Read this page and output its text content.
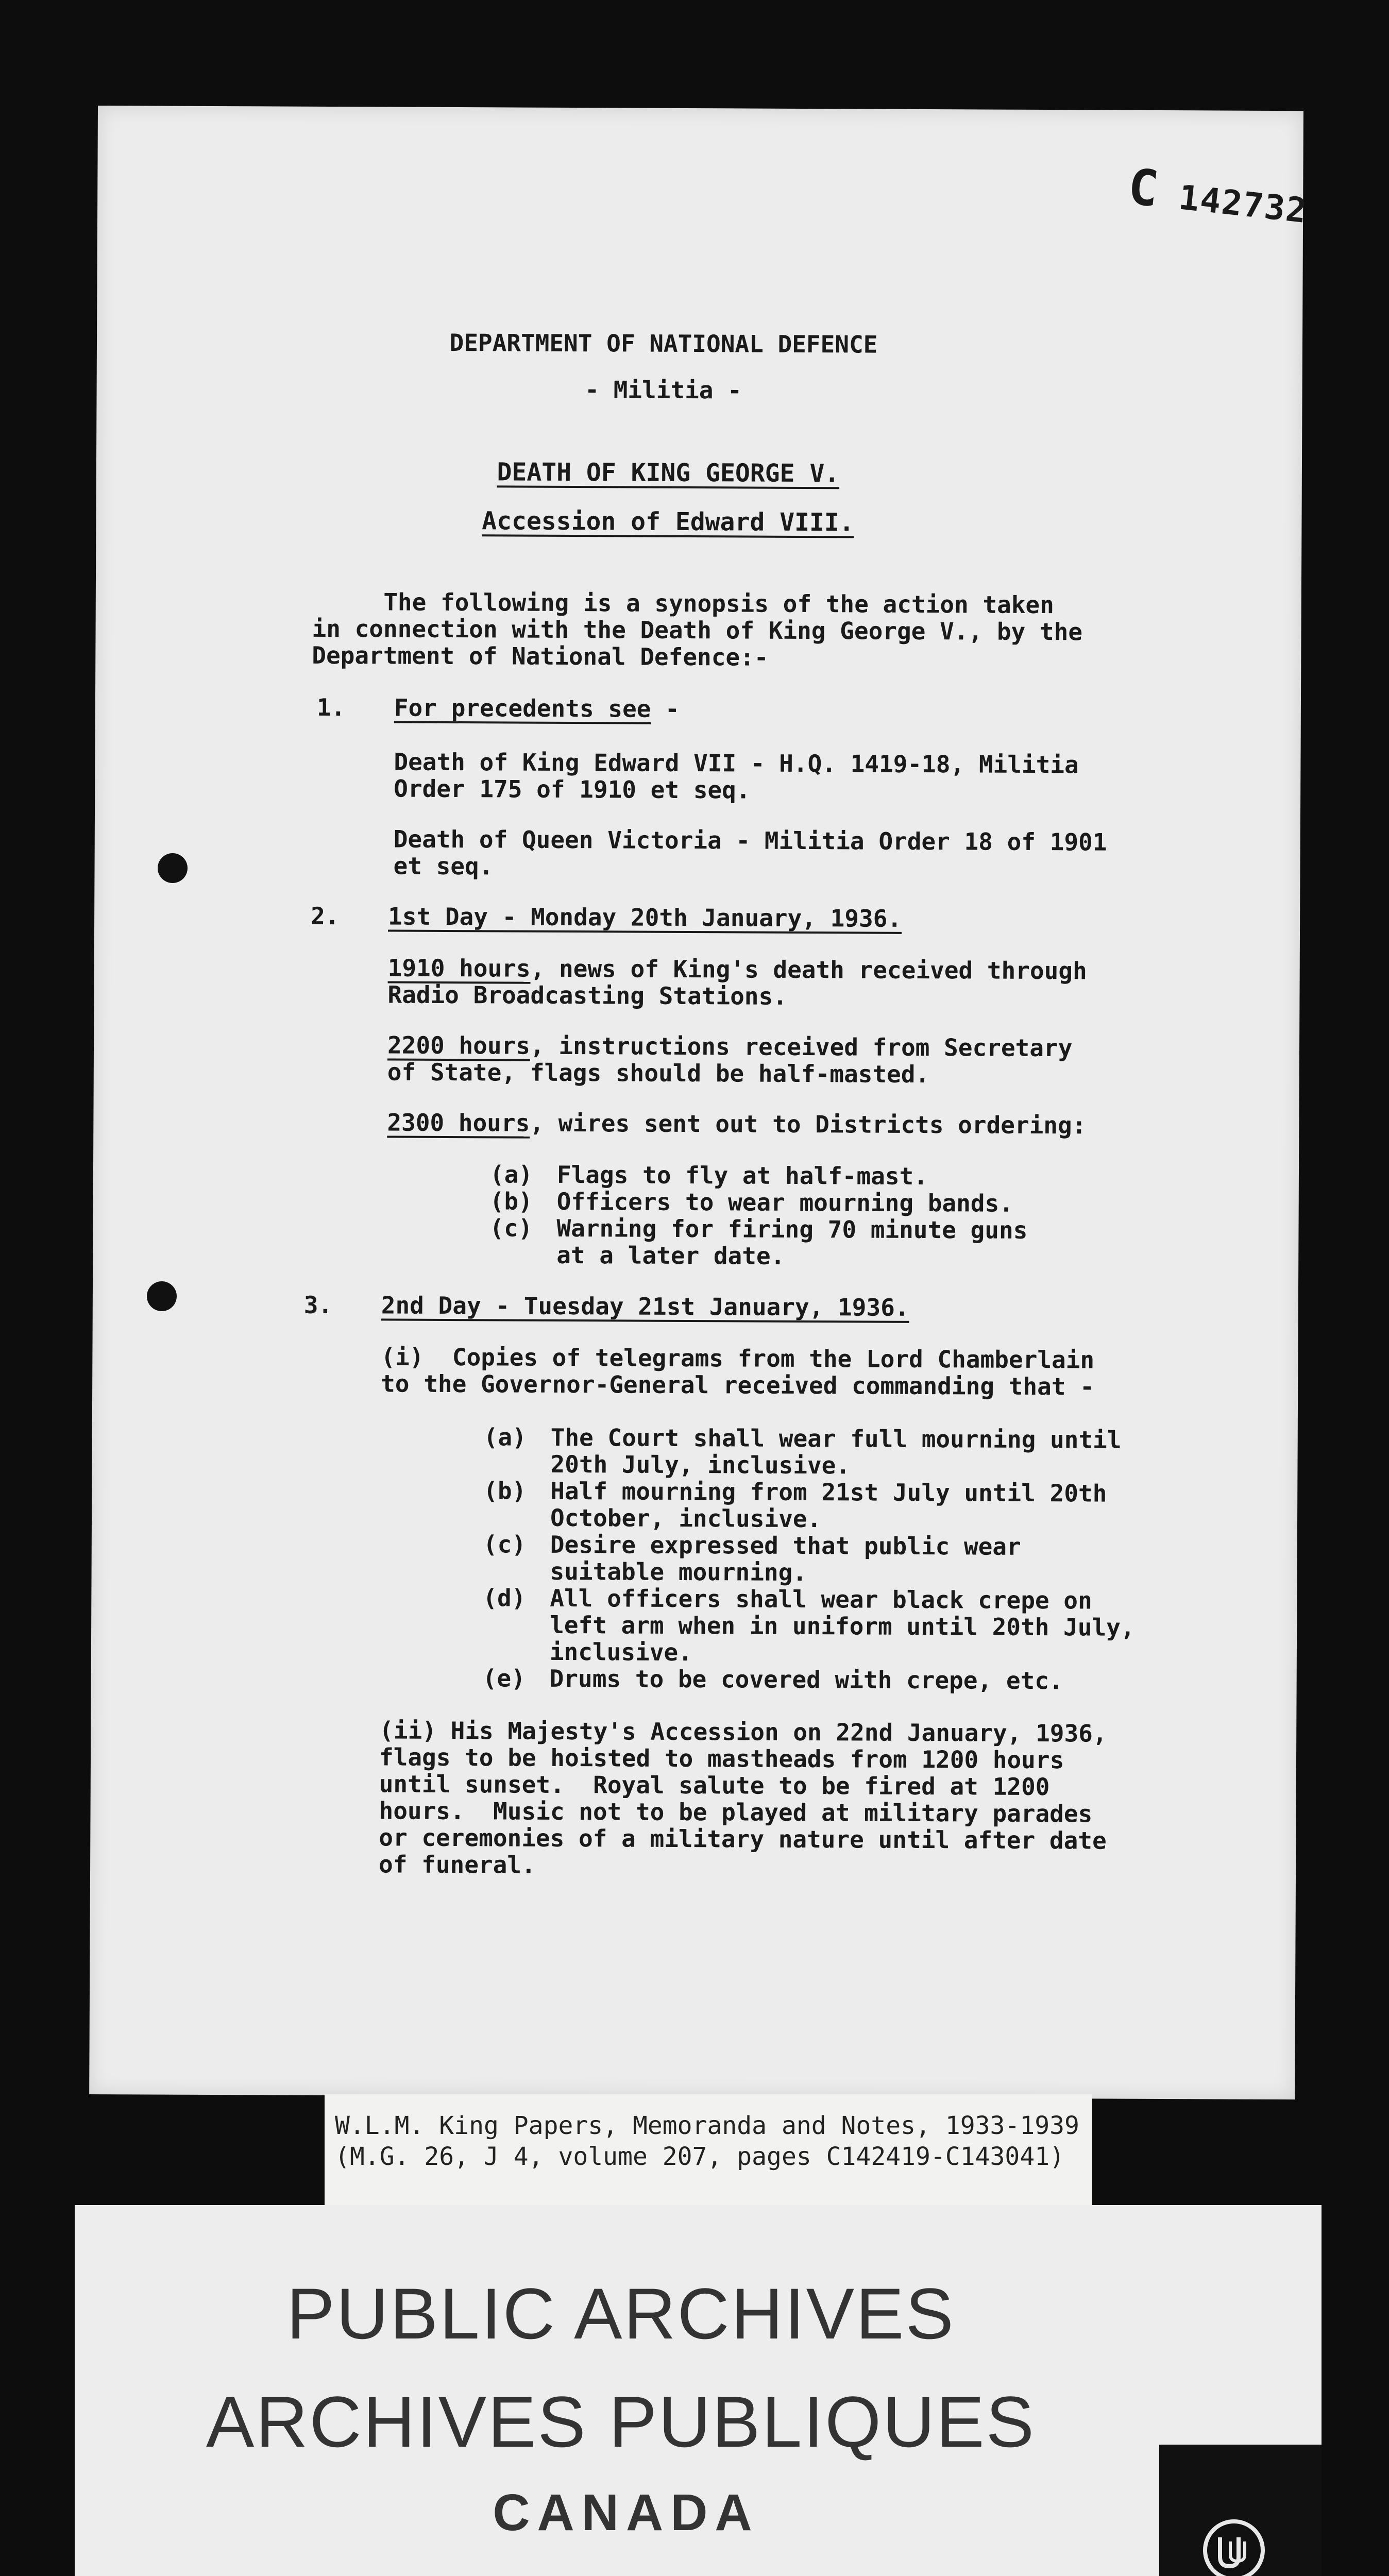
C 142732
DEPARTMENT OF NATIONAL DEFENCE
- Militia -
DEATH OF KING GEORGE V.
Accession of Edward VIII.
The following is a synopsis of the action taken
in connection with the Death of King George V., by the
Department of National Defence:-
1. For precedents see -
Death of King Edward VII - H.Q. 1419-18, Militia
Order 175 of 1910 et seq.
Death of Queen Victoria - Militia Order 18 of 1901
et seq.
2. 1st Day - Monday 20th January, 1936.
1910 hours, news of King's death received through
Radio Broadcasting Stations.
2200 hours, instructions received from Secretary
of State, flags should be half-masted.
2300 hours, wires sent out to Districts ordering:
(a) Flags to fly at half-mast.
(b) Officers to wear mourning bands.
(c) Warning for firing 70 minute guns
at a later date.
3. 2nd Day - Tuesday 21st January, 1936.
(i)  Copies of telegrams from the Lord Chamberlain
to the Governor-General received commanding that -
(a) The Court shall wear full mourning until
20th July, inclusive.
(b) Half mourning from 21st July until 20th
October, inclusive.
(c) Desire expressed that public wear
suitable mourning.
(d) All officers shall wear black crepe on
left arm when in uniform until 20th July,
inclusive.
(e) Drums to be covered with crepe, etc.
(ii) His Majesty's Accession on 22nd January, 1936,
flags to be hoisted to mastheads from 1200 hours
until sunset.  Royal salute to be fired at 1200
hours.  Music not to be played at military parades
or ceremonies of a military nature until after date
of funeral.
W.L.M. King Papers, Memoranda and Notes, 1933-1939
(M.G. 26, J 4, volume 207, pages C142419-C143041)
PUBLIC ARCHIVES
ARCHIVES PUBLIQUES
CANADA
